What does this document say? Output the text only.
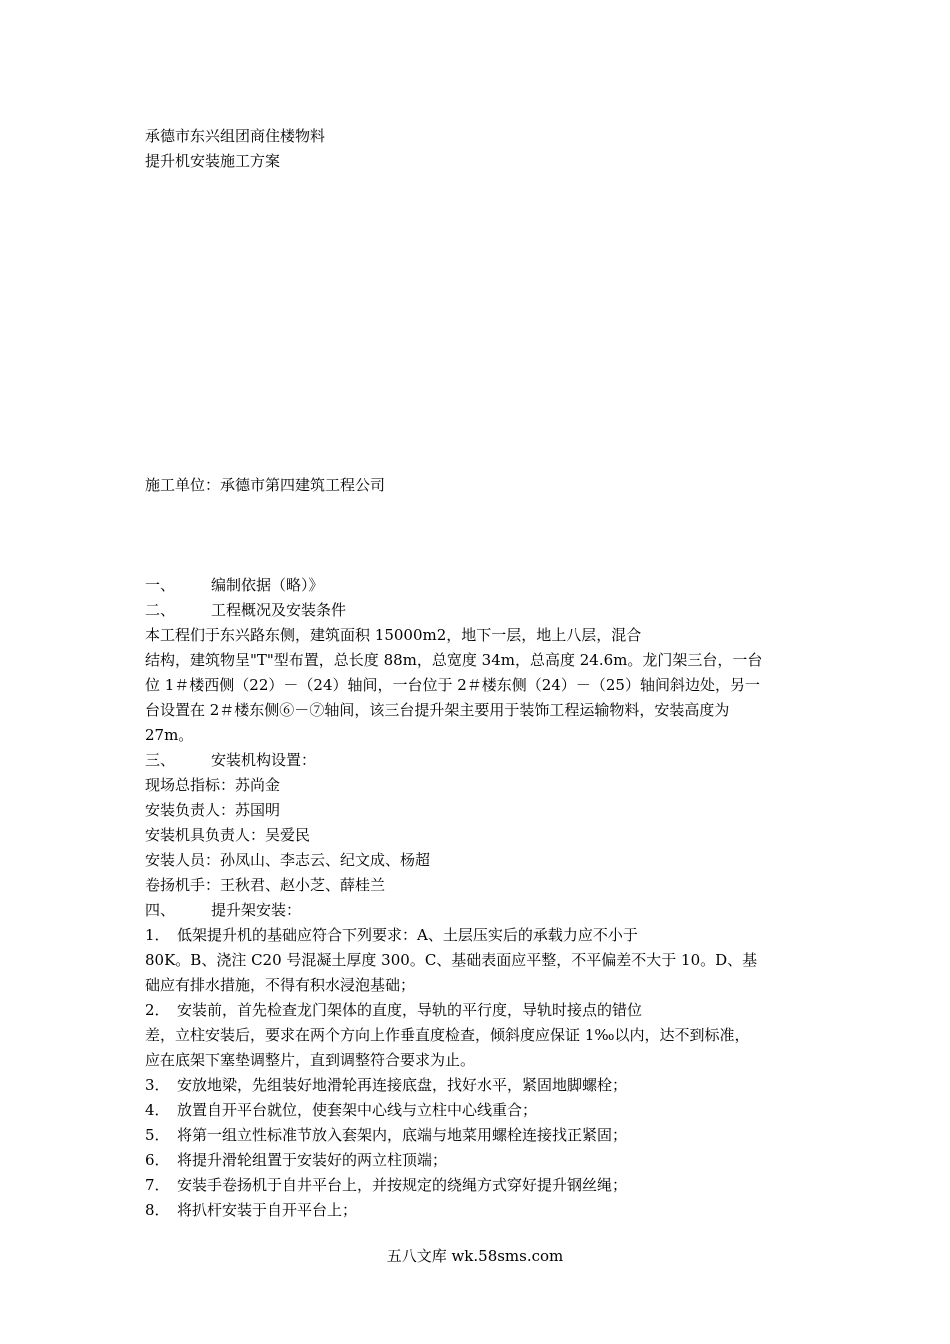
承德市东兴组团商住楼物料
提升机安装施工方案
施工单位：承德市第四建筑工程公司
一、 编制依据（略）》
二、 工程概况及安装条件
本工程们于东兴路东侧，建筑面积 15000m2，地下一层，地上八层，混合
结构，建筑物呈"T"型布置，总长度 88m，总宽度 34m，总高度 24.6m。龙门架三台，一台
位 1＃楼西侧（22）－（24）轴间，一台位于 2＃楼东侧（24）－（25）轴间斜边处，另一
台设置在 2＃楼东侧⑥－⑦轴间，该三台提升架主要用于装饰工程运输物料，安装高度为
27m。
三、 安装机构设置：
现场总指标：苏尚金
安装负责人：苏国明
安装机具负责人：吴爱民
安装人员：孙凤山、李志云、纪文成、杨超
卷扬机手：王秋君、赵小芝、薛桂兰
四、 提升架安装：
1． 低架提升机的基础应符合下列要求：A、土层压实后的承载力应不小于
80K。B、浇注 C20 号混凝土厚度 300。C、基础表面应平整，不平偏差不大于 10。D、基
础应有排水措施，不得有积水浸泡基础；
2． 安装前，首先检查龙门架体的直度，导轨的平行度，导轨时接点的错位
差，立柱安装后，要求在两个方向上作垂直度检查，倾斜度应保证 1‰以内，达不到标准，
应在底架下塞垫调整片，直到调整符合要求为止。
3． 安放地梁，先组装好地滑轮再连接底盘，找好水平，紧固地脚螺栓；
4． 放置自开平台就位，使套架中心线与立柱中心线重合；
5． 将第一组立性标准节放入套架内，底端与地菜用螺栓连接找正紧固；
6． 将提升滑轮组置于安装好的两立柱顶端；
7． 安装手卷扬机于自井平台上，并按规定的绕绳方式穿好提升钢丝绳；
8． 将扒杆安装于自开平台上；
五八文库 wk.58sms.com
